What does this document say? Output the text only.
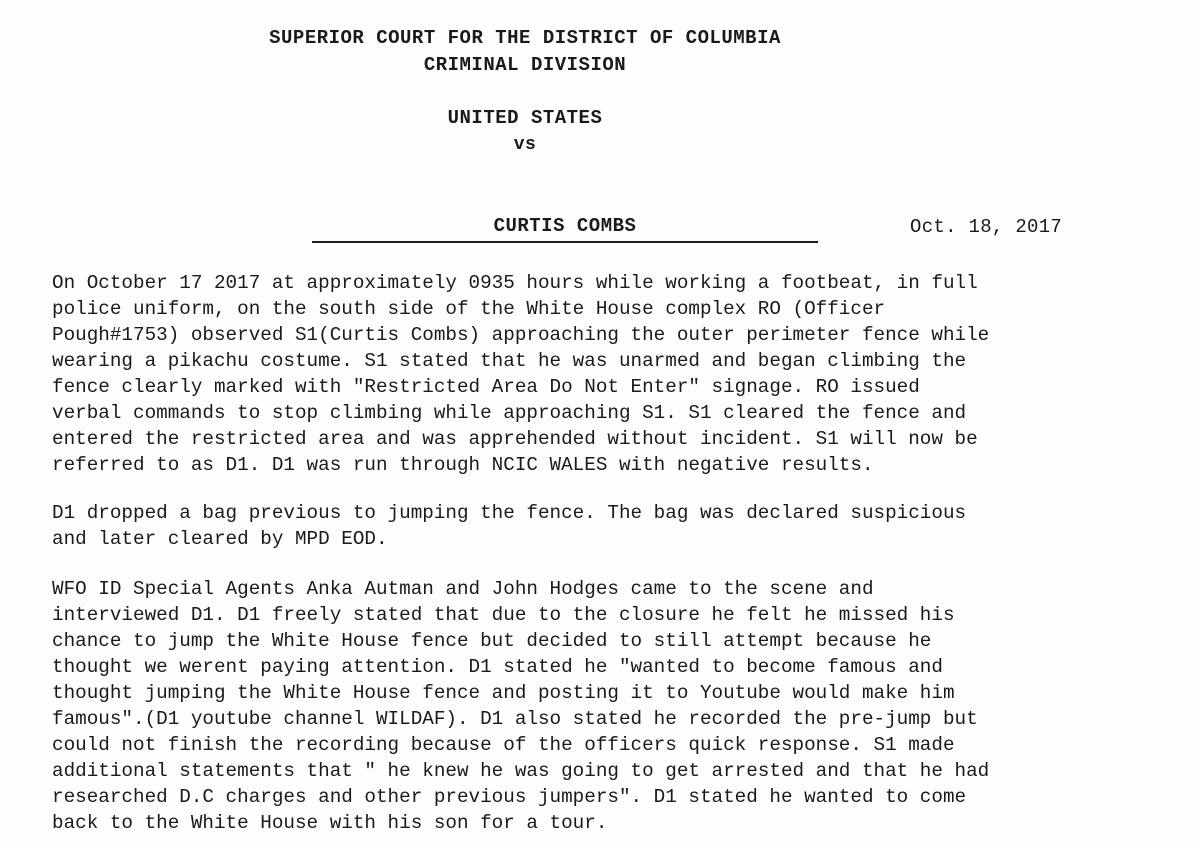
SUPERIOR COURT FOR THE DISTRICT OF COLUMBIA
CRIMINAL DIVISION
UNITED STATES
vs
CURTIS COMBS	Oct. 18, 2017
On October 17 2017 at approximately 0935 hours while working a footbeat, in full
police uniform, on the south side of the White House complex RO (Officer
Pough#1753) observed S1(Curtis Combs) approaching the outer perimeter fence while
wearing a pikachu costume. S1 stated that he was unarmed and began climbing the
fence clearly marked with "Restricted Area Do Not Enter" signage. RO issued
verbal commands to stop climbing while approaching S1. S1 cleared the fence and
entered the restricted area and was apprehended without incident. S1 will now be
referred to as D1. D1 was run through NCIC WALES with negative results.
D1 dropped a bag previous to jumping the fence. The bag was declared suspicious
and later cleared by MPD EOD.
WFO ID Special Agents Anka Autman and John Hodges came to the scene and
interviewed D1. D1 freely stated that due to the closure he felt he missed his
chance to jump the White House fence but decided to still attempt because he
thought we werent paying attention. D1 stated he "wanted to become famous and
thought jumping the White House fence and posting it to Youtube would make him
famous".(D1 youtube channel WILDAF). D1 also stated he recorded the pre-jump but
could not finish the recording because of the officers quick response. S1 made
additional statements that " he knew he was going to get arrested and that he had
researched D.C charges and other previous jumpers". D1 stated he wanted to come
back to the White House with his son for a tour.
